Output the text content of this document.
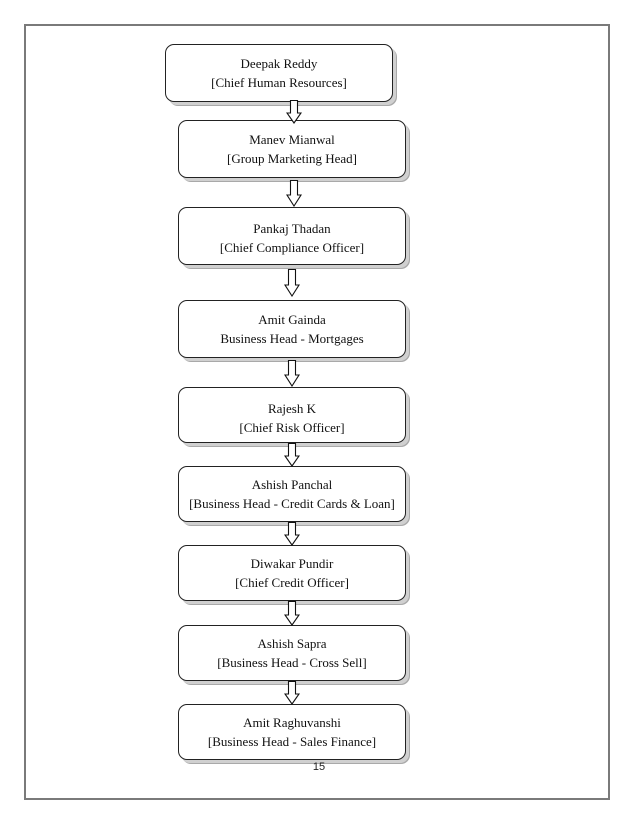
Deepak Reddy
[Chief Human Resources]
Manev Mianwal
[Group Marketing Head]
Pankaj Thadan
[Chief Compliance Officer]
Amit Gainda
Business Head - Mortgages
Rajesh K
[Chief Risk Officer]
Ashish Panchal
[Business Head - Credit Cards & Loan]
Diwakar Pundir
[Chief Credit Officer]
Ashish Sapra
[Business Head - Cross Sell]
Amit Raghuvanshi
[Business Head - Sales Finance]
15
